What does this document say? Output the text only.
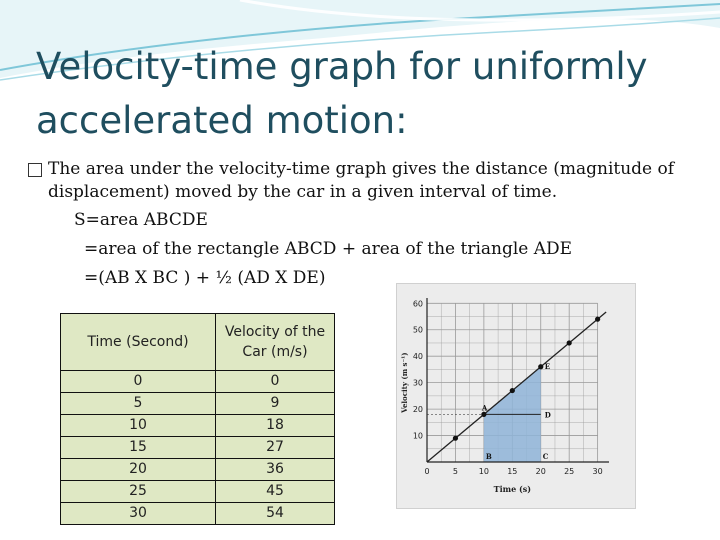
Velocity-time graph for uniformly accelerated motion:
The area under the velocity-time graph gives the distance (magnitude of displacement) moved by the car in a given interval of time.
S=area ABCDE
=area of the rectangle ABCD + area of the triangle ADE
=(AB X BC ) + ½ (AD X DE)
Time (Second)	Velocity of the Car (m/s)
0	0
5	9
10	18
15	27
20	36
25	45
30	54
10
20
30
40
50
60
0	5	10 15 20 25 30
Velocity (m s⁻¹)
Time (s)
A
B	C
D
E
